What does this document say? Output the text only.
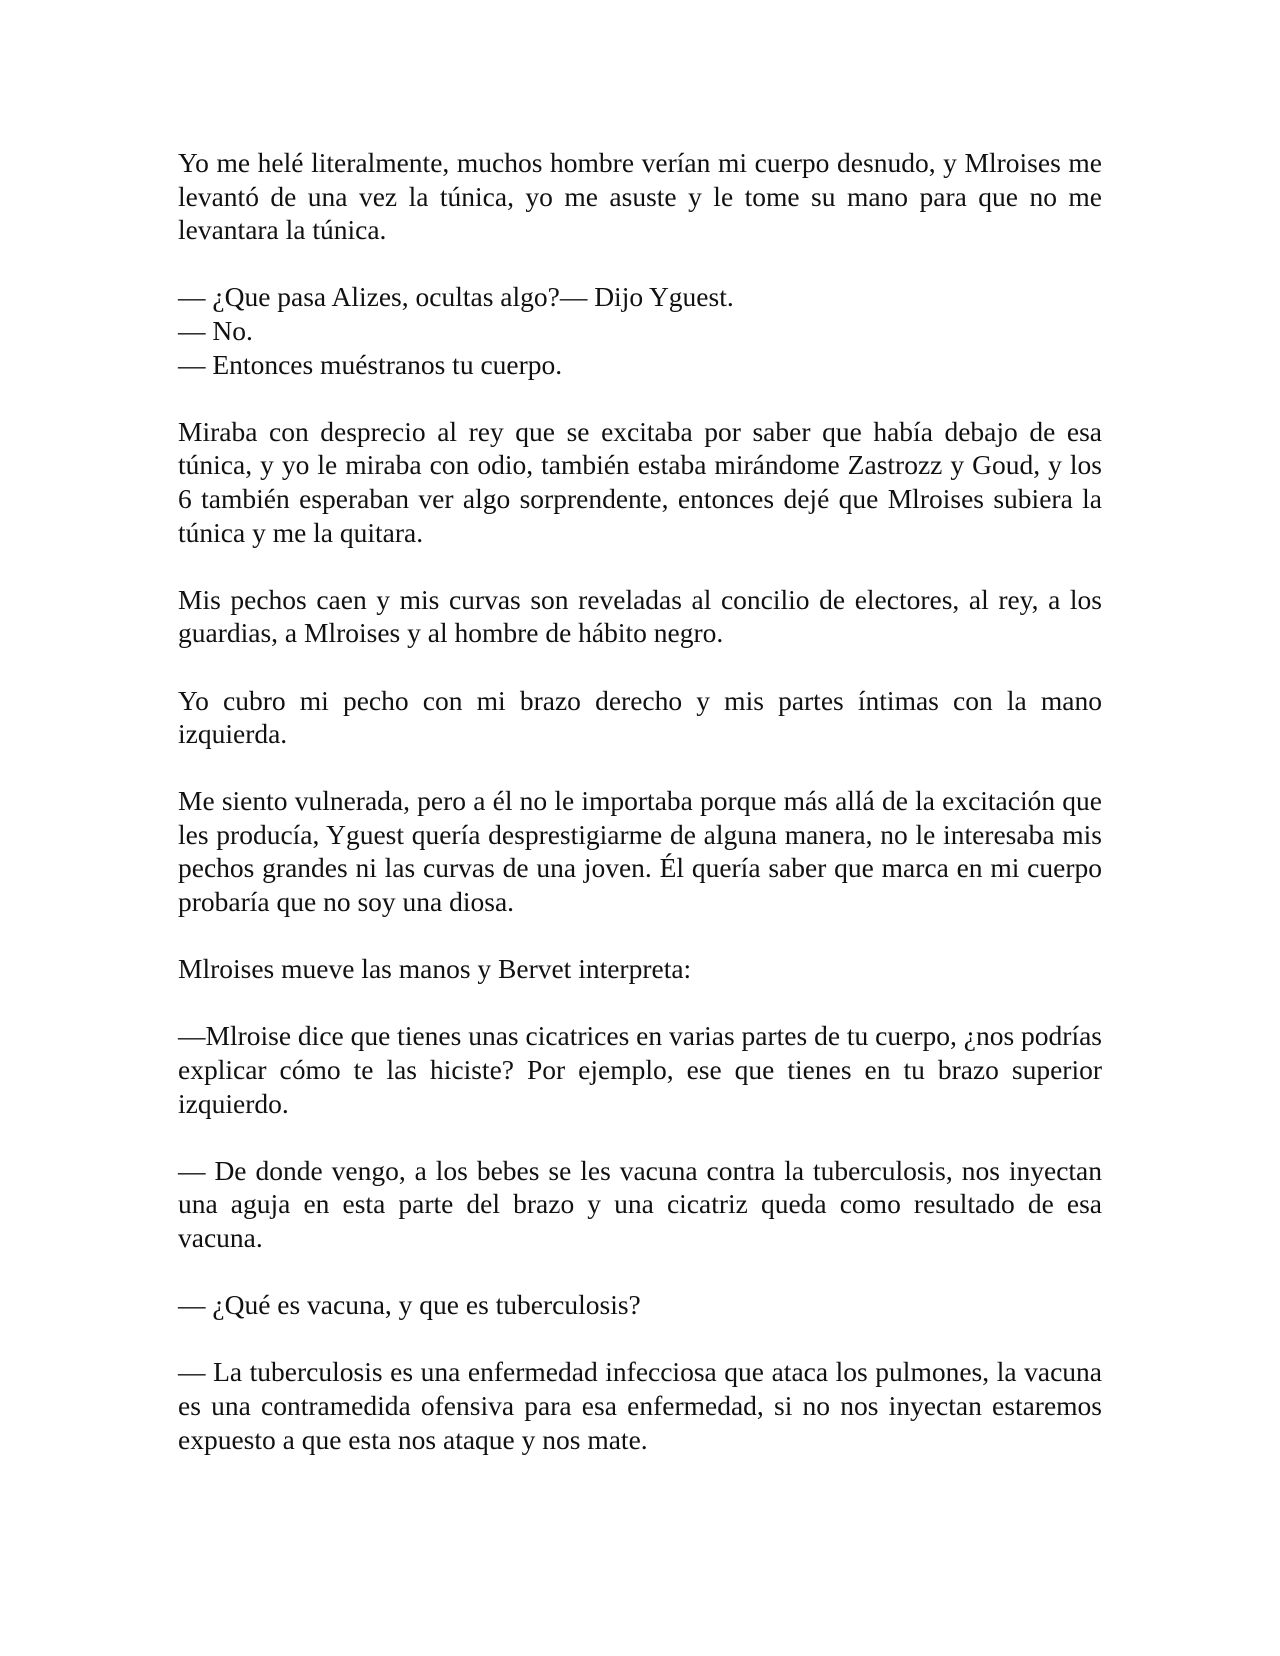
Yo me helé literalmente, muchos hombre verían mi cuerpo desnudo, y Mlroises me levantó de una vez la túnica, yo me asuste y le tome su mano para que no me levantara la túnica.

— ¿Que pasa Alizes, ocultas algo?— Dijo Yguest.
— No.
— Entonces muéstranos tu cuerpo.

Miraba con desprecio al rey que se excitaba por saber que había debajo de esa túnica, y yo le miraba con odio, también estaba mirándome Zastrozz y Goud, y los 6 también esperaban ver algo sorprendente, entonces dejé que Mlroises subiera la túnica y me la quitara.

Mis pechos caen y mis curvas son reveladas al concilio de electores, al rey, a los guardias, a Mlroises y al hombre de hábito negro.

Yo cubro mi pecho con mi brazo derecho y mis partes íntimas con la mano izquierda.

Me siento vulnerada, pero a él no le importaba porque más allá de la excitación que les producía, Yguest quería desprestigiarme de alguna manera, no le interesaba mis pechos grandes ni las curvas de una joven. Él quería saber que marca en mi cuerpo probaría que no soy una diosa.

Mlroises mueve las manos y Bervet interpreta:

—Mlroise dice que tienes unas cicatrices en varias partes de tu cuerpo, ¿nos podrías explicar cómo te las hiciste? Por ejemplo, ese que tienes en tu brazo superior izquierdo.

— De donde vengo, a los bebes se les vacuna contra la tuberculosis, nos inyectan una aguja en esta parte del brazo y una cicatriz queda como resultado de esa vacuna.

— ¿Qué es vacuna, y que es tuberculosis?

— La tuberculosis es una enfermedad infecciosa que ataca los pulmones, la vacuna es una contramedida ofensiva para esa enfermedad, si no nos inyectan estaremos expuesto a que esta nos ataque y nos mate.
